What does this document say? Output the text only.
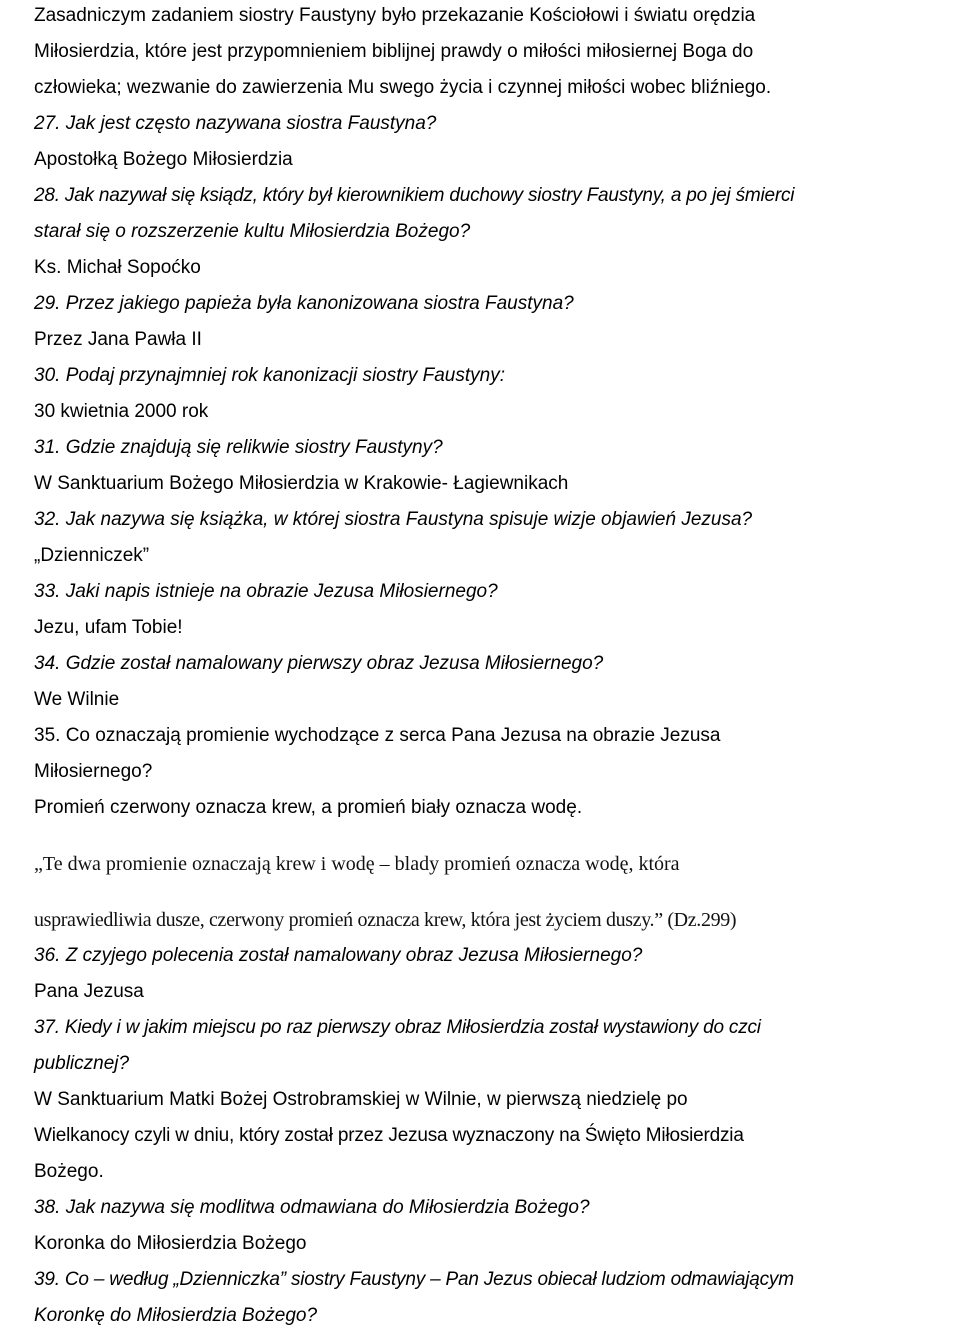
Zasadniczym zadaniem siostry Faustyny było przekazanie Kościołowi i światu orędzia

Miłosierdzia, które jest przypomnieniem biblijnej prawdy o miłości miłosiernej Boga do

człowieka; wezwanie do zawierzenia Mu swego życia i czynnej miłości wobec bliźniego.

27. Jak jest często nazywana siostra Faustyna?

Apostołką Bożego Miłosierdzia

28. Jak nazywał się ksiądz, który był kierownikiem duchowy siostry Faustyny, a po jej śmierci

starał się o rozszerzenie kultu Miłosierdzia Bożego?

Ks. Michał Sopoćko

29. Przez jakiego papieża była kanonizowana siostra Faustyna?

Przez Jana Pawła II

30. Podaj przynajmniej rok kanonizacji siostry Faustyny:

30 kwietnia 2000 rok

31. Gdzie znajdują się relikwie siostry Faustyny?

W Sanktuarium Bożego Miłosierdzia w Krakowie- Łagiewnikach

32. Jak nazywa się książka, w której siostra Faustyna spisuje wizje objawień Jezusa?

„Dzienniczek”

33. Jaki napis istnieje na obrazie Jezusa Miłosiernego?

Jezu, ufam Tobie!

34. Gdzie został namalowany pierwszy obraz Jezusa Miłosiernego?

We Wilnie

35. Co oznaczają promienie wychodzące z serca Pana Jezusa na obrazie Jezusa

Miłosiernego?

Promień czerwony oznacza krew, a promień biały oznacza wodę.

„Te dwa promienie oznaczają krew i wodę – blady promień oznacza wodę, która

usprawiedliwia dusze, czerwony promień oznacza krew, która jest życiem duszy.” (Dz.299)

36. Z czyjego polecenia został namalowany obraz Jezusa Miłosiernego?

Pana Jezusa

37. Kiedy i w jakim miejscu po raz pierwszy obraz Miłosierdzia został wystawiony do czci

publicznej?

W Sanktuarium Matki Bożej Ostrobramskiej w Wilnie, w pierwszą niedzielę po

Wielkanocy czyli w dniu, który został przez Jezusa wyznaczony na Święto Miłosierdzia

Bożego.

38. Jak nazywa się modlitwa odmawiana do Miłosierdzia Bożego?

Koronka do Miłosierdzia Bożego

39. Co – według „Dzienniczka” siostry Faustyny – Pan Jezus obiecał ludziom odmawiającym

Koronkę do Miłosierdzia Bożego?
